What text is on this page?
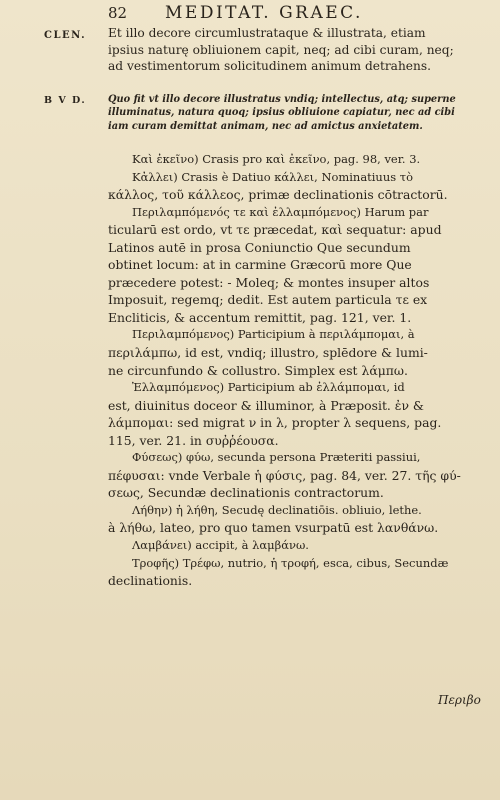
82 MEDITAT. GRAEC.
CLEN. Et illo decore circumlustrataque & illustrata, etiam
ipsius naturę obliuionem capit, neq; ad cibi curam, neq;
ad vestimentorum solicitudinem animum detrahens.
B V D. Quo fit vt illo decore illustratus vndiq; intellectus, atq; superne
illuminatus, natura quoq; ipsius obliuione capiatur, nec ad cibi
iam curam demittat animam, nec ad amictus anxietatem.
Καὶ ἐκεῖνο) Crasis pro καὶ ἐκεῖνο, pag. 98, ver. 3.
Κἀλλει) Crasis è Datiuo κάλλει, Nominatiuus τὸ
κάλλος, τοῦ κάλλεος, primæ declinationis cōtractorū.
Περιλαμπόμενός τε καὶ ἐλλαμπόμενος) Harum par
ticularū est ordo, vt τε præcedat, καὶ sequatur: apud
Latinos autē in prosa Coniunctio Que secundum
obtinet locum: at in carmine Græcorū more Que
præcedere potest: - Moleq; & montes insuper altos
Imposuit, regemq; dedit. Est autem particula τε ex
Encliticis, & accentum remittit, pag. 121, ver. 1.
Περιλαμπόμενος) Participium à περιλάμπομαι, à
περιλάμπω, id est, vndiq; illustro, splēdore & lumi-
ne circunfundo & collustro. Simplex est λάμπω.
Ἐλλαμπόμενος) Participium ab ἐλλάμπομαι, id
est, diuinitus doceor & illuminor, à Præposit. ἐν &
λάμπομαι: sed migrat ν in λ, propter λ sequens, pag.
115, ver. 21. in συῤῥέουσα.
Φύσεως) φύω, secunda persona Præteriti passiui,
πέφυσαι: vnde Verbale ἡ φύσις, pag. 84, ver. 27. τῆς φύ-
σεως, Secundæ declinationis contractorum.
Λήθην) ἡ λήθη, Secudę declinatiōis. obliuio, lethe.
à λήθω, lateo, pro quo tamen vsurpatū est λανθάνω.
Λαμβάνει) accipit, à λαμβάνω.
Τροφῆς) Τρέφω, nutrio, ἡ τροφή, esca, cibus, Secundæ
declinationis.
Περιβο
